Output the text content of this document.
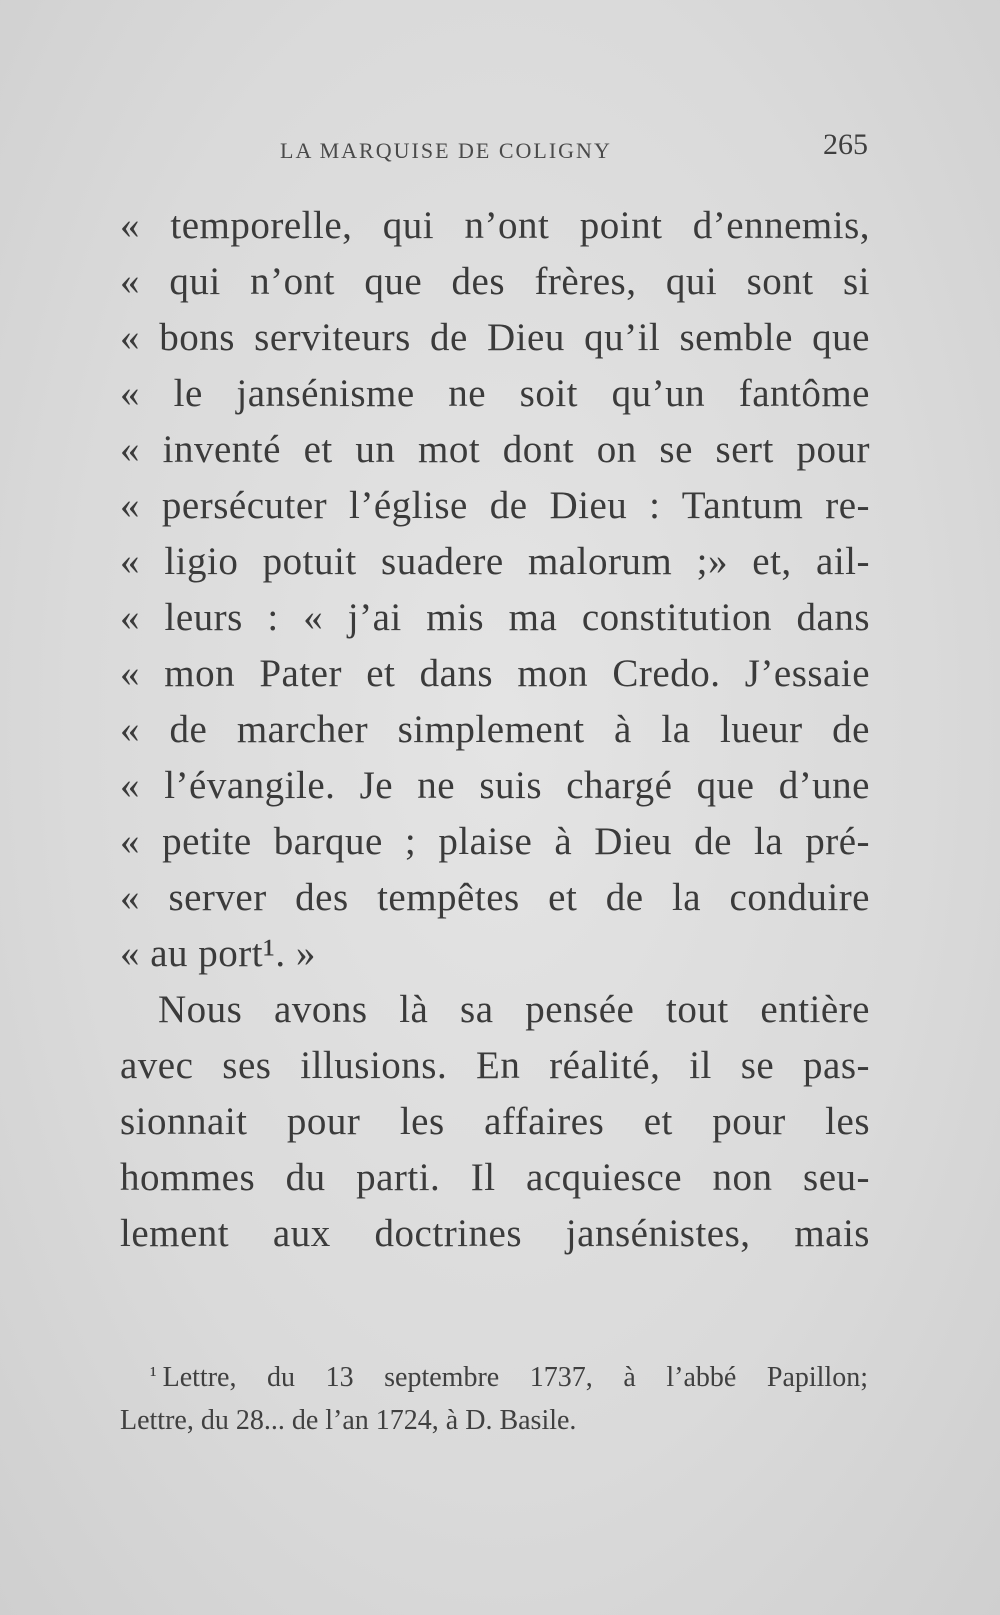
LA MARQUISE DE COLIGNY	265
« temporelle, qui n’ont point d’ennemis,
« qui n’ont que des frères, qui sont si
« bons serviteurs de Dieu qu’il semble que
« le jansénisme ne soit qu’un fantôme
« inventé et un mot dont on se sert pour
« persécuter l’église de Dieu : Tantum re-
« ligio potuit suadere malorum ;» et, ail-
« leurs : « j’ai mis ma constitution dans
« mon Pater et dans mon Credo. J’essaie
« de marcher simplement à la lueur de
« l’évangile. Je ne suis chargé que d’une
« petite barque ; plaise à Dieu de la pré-
« server des tempêtes et de la conduire
« au port¹. »
Nous avons là sa pensée tout entière
avec ses illusions. En réalité, il se pas-
sionnait pour les affaires et pour les
hommes du parti. Il acquiesce non seu-
lement aux doctrines jansénistes, mais
¹ Lettre, du 13 septembre 1737, à l’abbé Papillon;
Lettre, du 28... de l’an 1724, à D. Basile.
